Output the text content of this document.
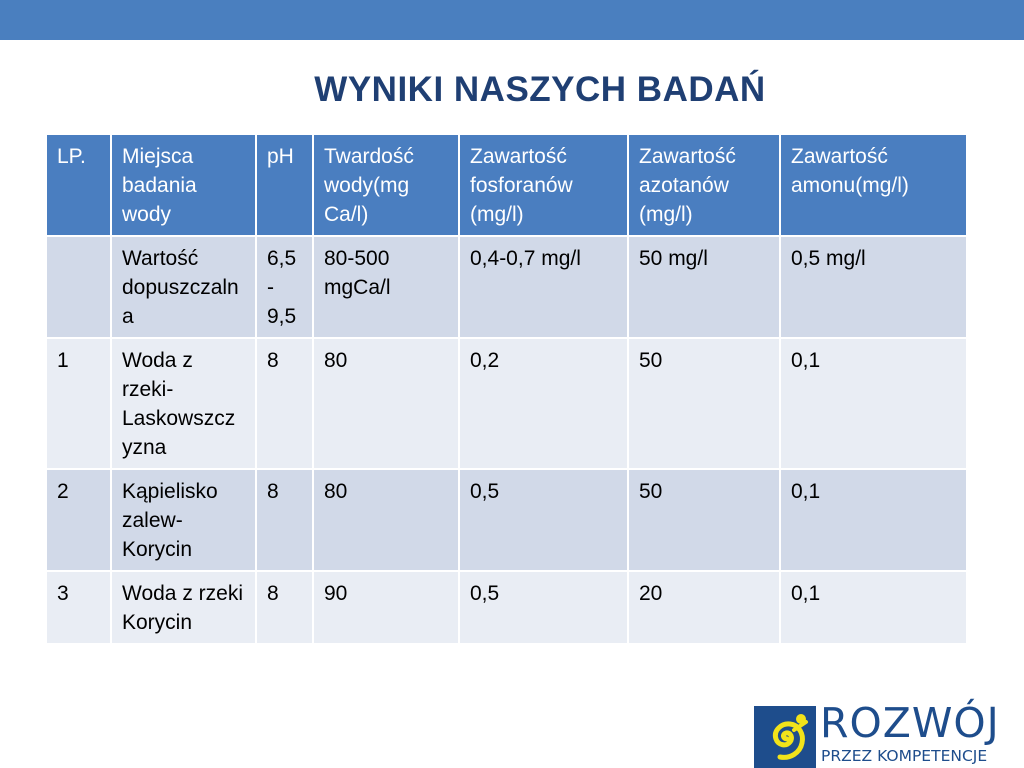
WYNIKI NASZYCH BADAŃ
LP.	Miejsca badania wody	pH	Twardość wody(mg Ca/l)	Zawartość fosforanów (mg/l)	Zawartość azotanów (mg/l)	Zawartość amonu(mg/l)
	Wartość dopuszczalna	6,5 - 9,5	80-500 mgCa/l	0,4-0,7 mg/l	50 mg/l	0,5 mg/l
1	Woda z rzeki- Laskowszczyzna	8	80	0,2	50	0,1
2	Kąpielisko zalew- Korycin	8	80	0,5	50	0,1
3	Woda z rzeki Korycin	8	90	0,5	20	0,1
ROZWÓJ
PRZEZ KOMPETENCJE
